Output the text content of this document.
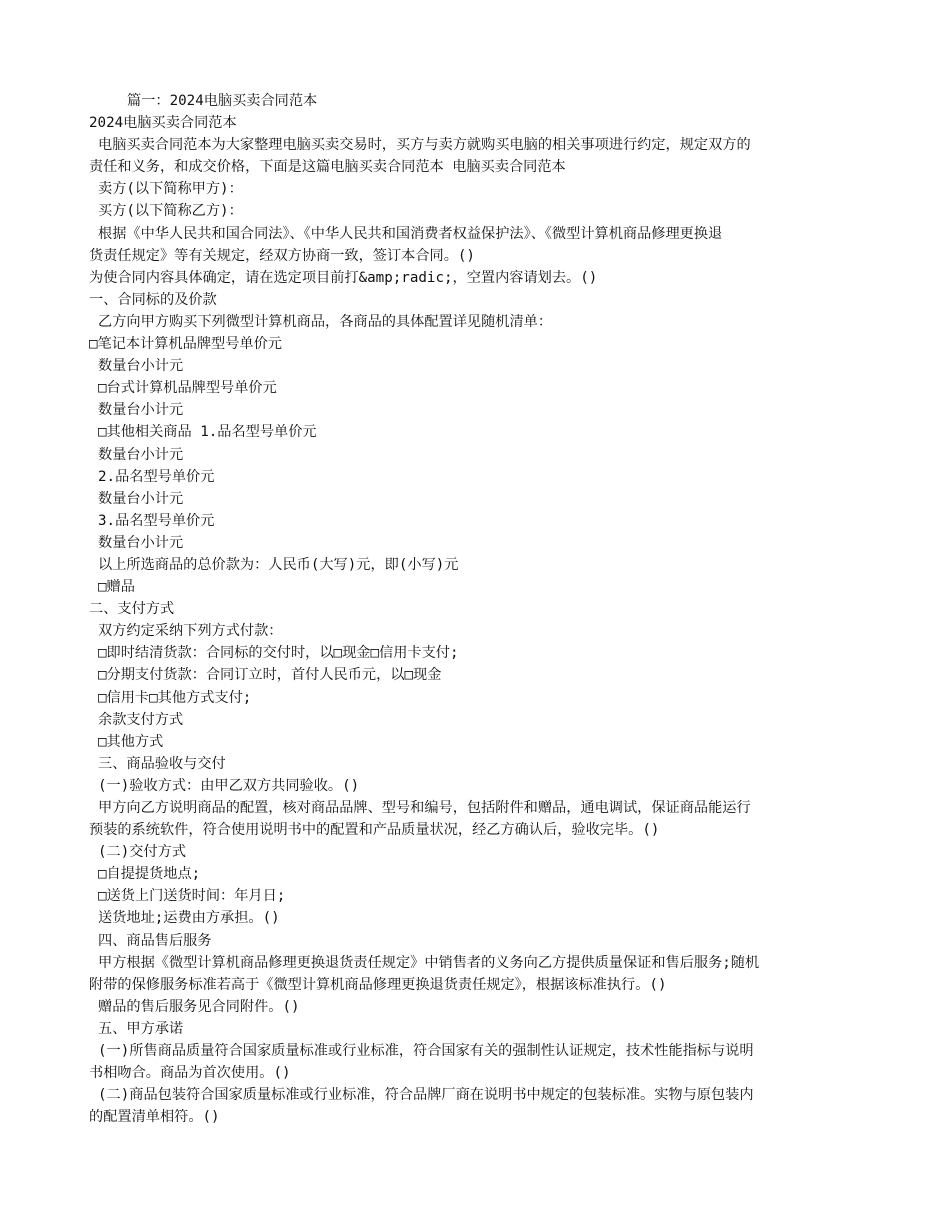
篇一：2024电脑买卖合同范本
2024电脑买卖合同范本
电脑买卖合同范本为大家整理电脑买卖交易时，买方与卖方就购买电脑的相关事项进行约定，规定双方的
责任和义务，和成交价格，下面是这篇电脑买卖合同范本 电脑买卖合同范本
卖方(以下简称甲方)：
买方(以下简称乙方)：
根据《中华人民共和国合同法》、《中华人民共和国消费者权益保护法》、《微型计算机商品修理更换退
货责任规定》等有关规定，经双方协商一致，签订本合同。()
为使合同内容具体确定，请在选定项目前打&amp;radic;，空置内容请划去。()
一、合同标的及价款
乙方向甲方购买下列微型计算机商品，各商品的具体配置详见随机清单：
□笔记本计算机品牌型号单价元
数量台小计元
□台式计算机品牌型号单价元
数量台小计元
□其他相关商品 1.品名型号单价元
数量台小计元
2.品名型号单价元
数量台小计元
3.品名型号单价元
数量台小计元
以上所选商品的总价款为：人民币(大写)元，即(小写)元
□赠品
二、支付方式
双方约定采纳下列方式付款：
□即时结清货款：合同标的交付时，以□现金□信用卡支付;
□分期支付货款：合同订立时，首付人民币元，以□现金
□信用卡□其他方式支付;
余款支付方式
□其他方式
三、商品验收与交付
(一)验收方式：由甲乙双方共同验收。()
甲方向乙方说明商品的配置，核对商品品牌、型号和编号，包括附件和赠品，通电调试，保证商品能运行
预装的系统软件，符合使用说明书中的配置和产品质量状况，经乙方确认后，验收完毕。()
(二)交付方式
□自提提货地点;
□送货上门送货时间：年月日;
送货地址;运费由方承担。()
四、商品售后服务
甲方根据《微型计算机商品修理更换退货责任规定》中销售者的义务向乙方提供质量保证和售后服务;随机
附带的保修服务标准若高于《微型计算机商品修理更换退货责任规定》，根据该标准执行。()
赠品的售后服务见合同附件。()
五、甲方承诺
(一)所售商品质量符合国家质量标准或行业标准，符合国家有关的强制性认证规定，技术性能指标与说明
书相吻合。商品为首次使用。()
(二)商品包装符合国家质量标准或行业标准，符合品牌厂商在说明书中规定的包装标准。实物与原包装内
的配置清单相符。()
